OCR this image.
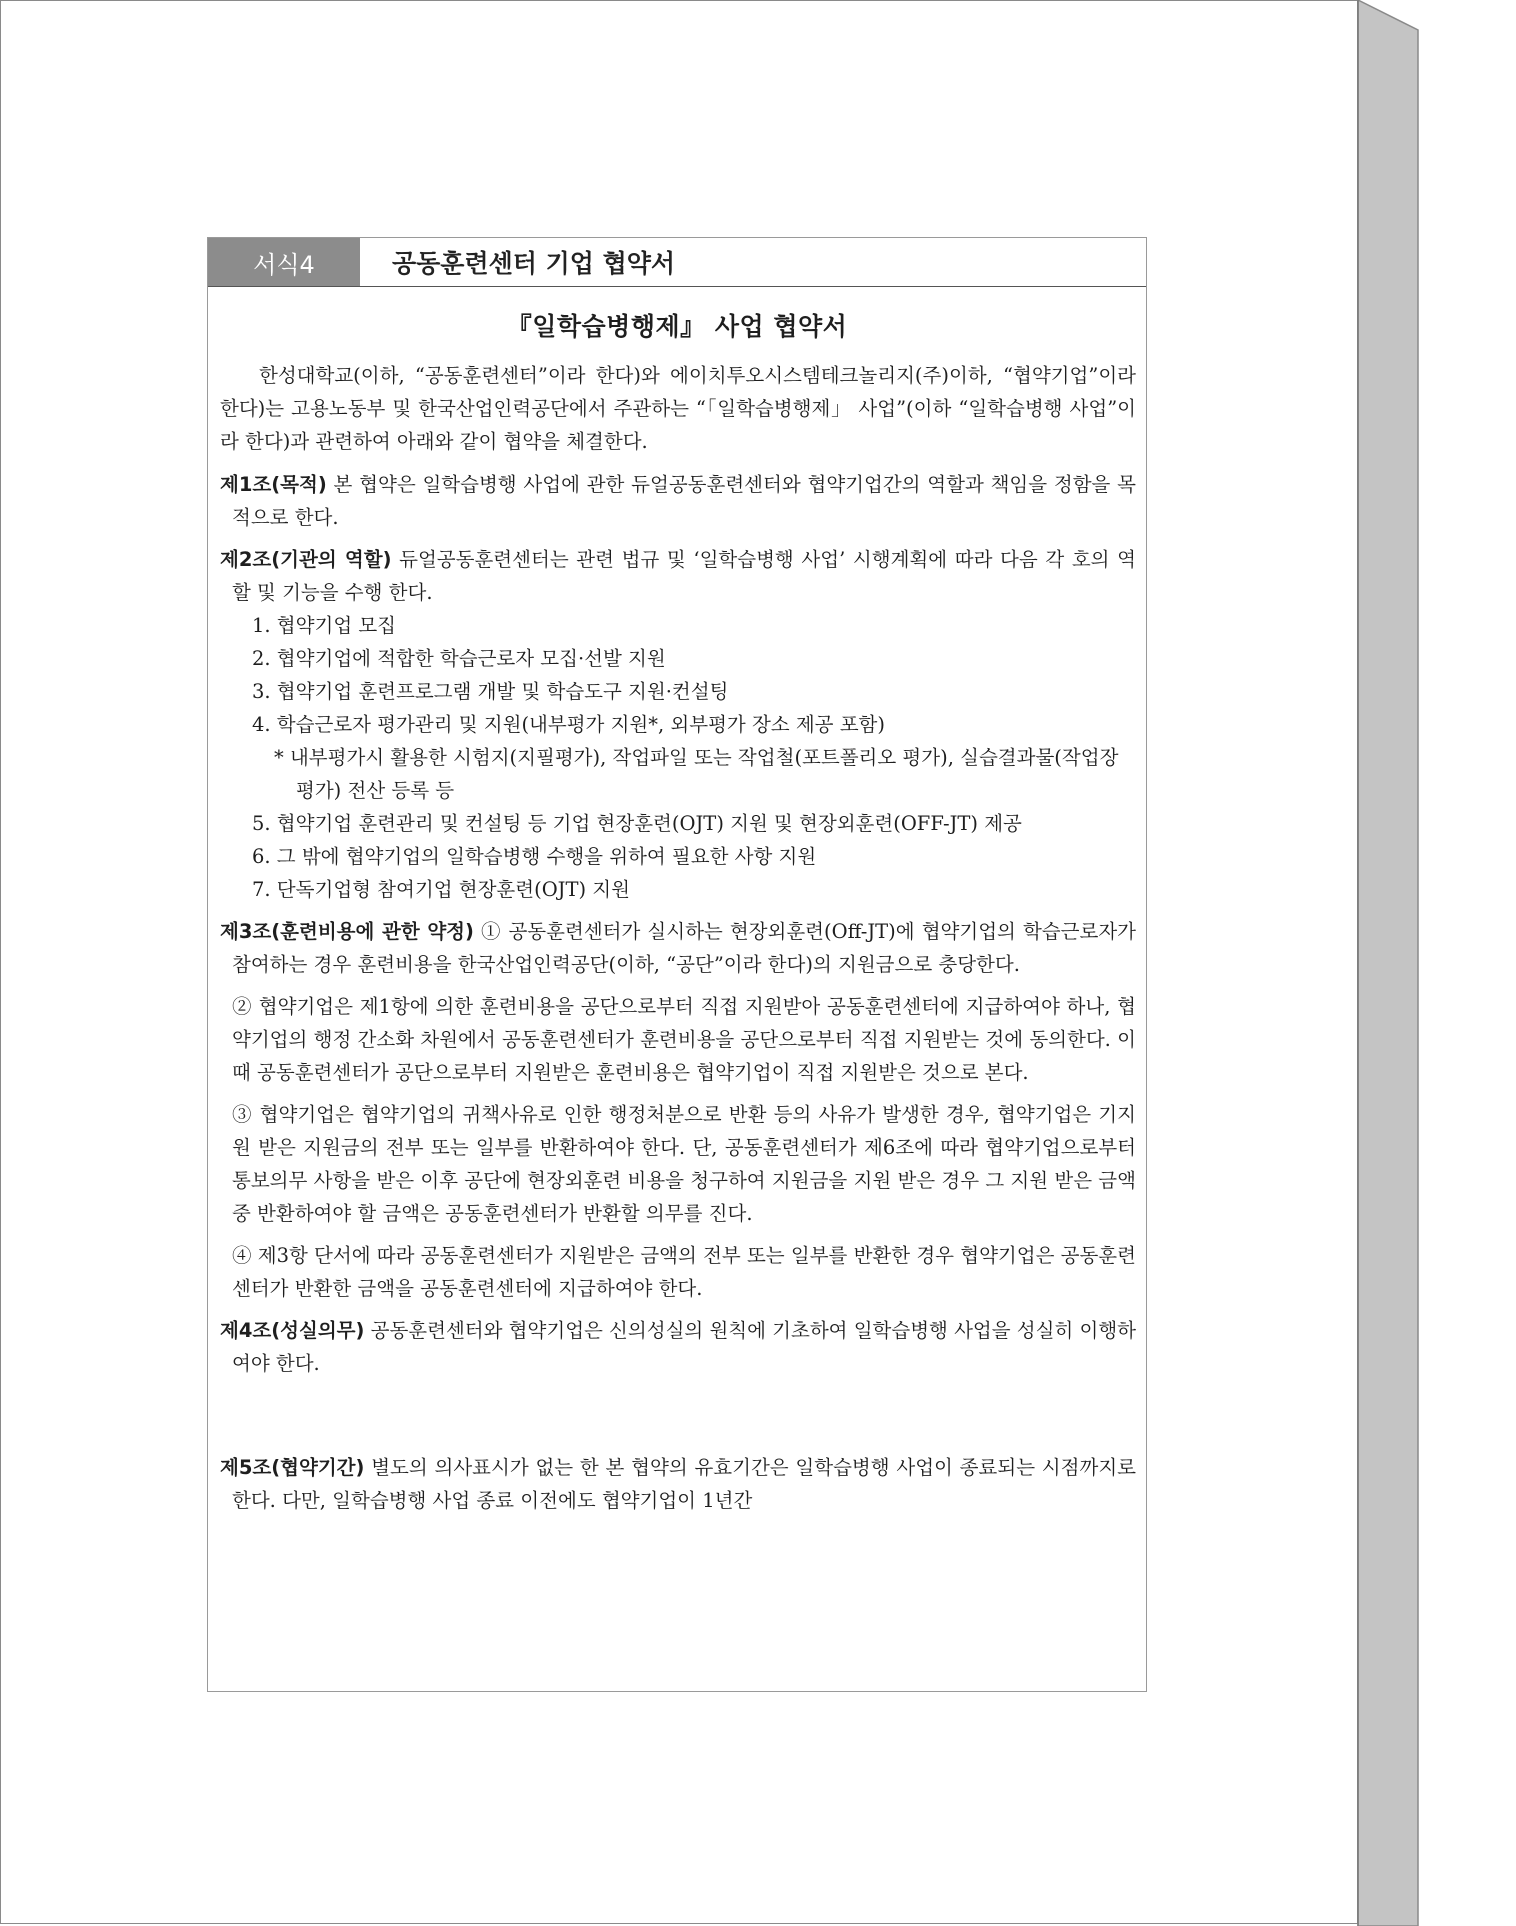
서식4	공동훈련센터 기업 협약서
『일학습병행제』 사업 협약서

한성대학교(이하, “공동훈련센터”이라 한다)와 에이치투오시스템테크놀리지(주)이하, “협약기업”이라 한다)는 고용노동부 및 한국산업인력공단에서 주관하는 “「일학습병행제」 사업”(이하 “일학습병행 사업”이라 한다)과 관련하여 아래와 같이 협약을 체결한다.

제1조(목적) 본 협약은 일학습병행 사업에 관한 듀얼공동훈련센터와 협약기업간의 역할과 책임을 정함을 목적으로 한다.

제2조(기관의 역할) 듀얼공동훈련센터는 관련 법규 및 ‘일학습병행 사업’ 시행계획에 따라 다음 각 호의 역할 및 기능을 수행 한다.

1. 협약기업 모집
2. 협약기업에 적합한 학습근로자 모집·선발 지원
3. 협약기업 훈련프로그램 개발 및 학습도구 지원·컨설팅
4. 학습근로자 평가관리 및 지원(내부평가 지원*, 외부평가 장소 제공 포함)
* 내부평가시 활용한 시험지(지필평가), 작업파일 또는 작업철(포트폴리오 평가), 실습결과물(작업장 평가) 전산 등록 등
5. 협약기업 훈련관리 및 컨설팅 등 기업 현장훈련(OJT) 지원 및 현장외훈련(OFF-JT) 제공
6. 그 밖에 협약기업의 일학습병행 수행을 위하여 필요한 사항 지원
7. 단독기업형 참여기업 현장훈련(OJT) 지원

제3조(훈련비용에 관한 약정) ① 공동훈련센터가 실시하는 현장외훈련(Off-JT)에 협약기업의 학습근로자가 참여하는 경우 훈련비용을 한국산업인력공단(이하, “공단”이라 한다)의 지원금으로 충당한다.

② 협약기업은 제1항에 의한 훈련비용을 공단으로부터 직접 지원받아 공동훈련센터에 지급하여야 하나, 협약기업의 행정 간소화 차원에서 공동훈련센터가 훈련비용을 공단으로부터 직접 지원받는 것에 동의한다. 이 때 공동훈련센터가 공단으로부터 지원받은 훈련비용은 협약기업이 직접 지원받은 것으로 본다.

③ 협약기업은 협약기업의 귀책사유로 인한 행정처분으로 반환 등의 사유가 발생한 경우, 협약기업은 기지원 받은 지원금의 전부 또는 일부를 반환하여야 한다. 단, 공동훈련센터가 제6조에 따라 협약기업으로부터 통보의무 사항을 받은 이후 공단에 현장외훈련 비용을 청구하여 지원금을 지원 받은 경우 그 지원 받은 금액 중 반환하여야 할 금액은 공동훈련센터가 반환할 의무를 진다.

④ 제3항 단서에 따라 공동훈련센터가 지원받은 금액의 전부 또는 일부를 반환한 경우 협약기업은 공동훈련센터가 반환한 금액을 공동훈련센터에 지급하여야 한다.

제4조(성실의무) 공동훈련센터와 협약기업은 신의성실의 원칙에 기초하여 일학습병행 사업을 성실히 이행하여야 한다.

제5조(협약기간) 별도의 의사표시가 없는 한 본 협약의 유효기간은 일학습병행 사업이 종료되는 시점까지로 한다. 다만, 일학습병행 사업 종료 이전에도 협약기업이 1년간
